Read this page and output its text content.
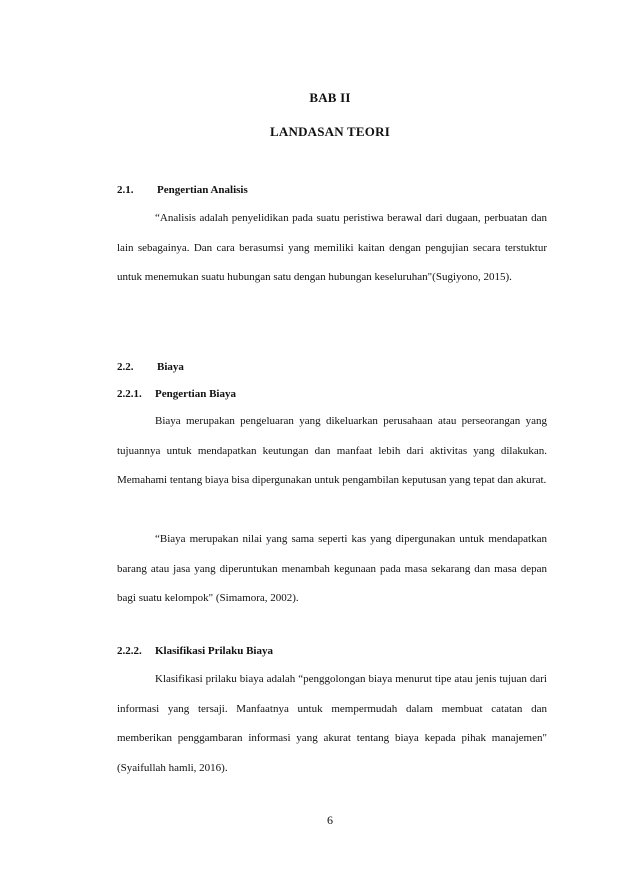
BAB II
LANDASAN TEORI
2.1. Pengertian Analisis

“Analisis adalah penyelidikan pada suatu peristiwa berawal dari dugaan, perbuatan dan lain sebagainya. Dan cara berasumsi yang memiliki kaitan dengan pengujian secara terstuktur untuk menemukan suatu hubungan satu dengan hubungan keseluruhan"(Sugiyono, 2015).

2.2. Biaya
2.2.1. Pengertian Biaya

Biaya merupakan pengeluaran yang dikeluarkan perusahaan atau perseorangan yang tujuannya untuk mendapatkan keutungan dan manfaat lebih dari aktivitas yang dilakukan. Memahami tentang biaya bisa dipergunakan untuk pengambilan keputusan yang tepat dan akurat.

“Biaya merupakan nilai yang sama seperti kas yang dipergunakan untuk mendapatkan barang atau jasa yang diperuntukan menambah kegunaan pada masa sekarang dan masa depan bagi suatu kelompok" (Simamora, 2002).

2.2.2. Klasifikasi Prilaku Biaya

Klasifikasi prilaku biaya adalah “penggolongan biaya menurut tipe atau jenis tujuan dari informasi yang tersaji. Manfaatnya untuk mempermudah dalam membuat catatan dan memberikan penggambaran informasi yang akurat tentang biaya kepada pihak manajemen" (Syaifullah hamli, 2016).

6
